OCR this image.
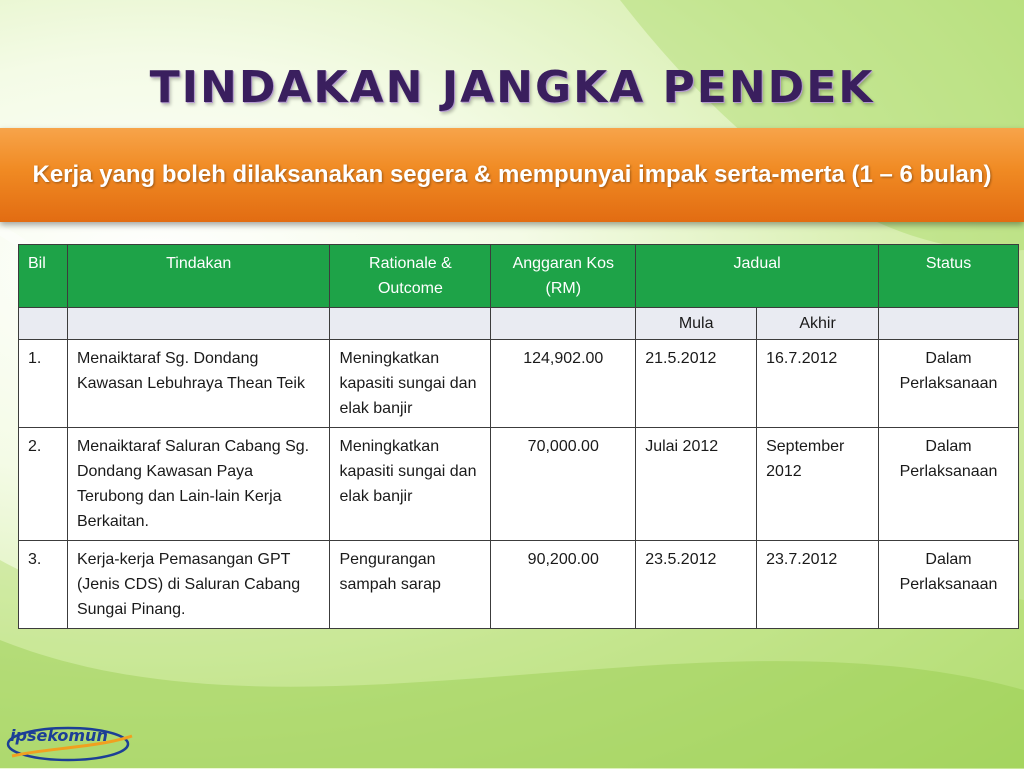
TINDAKAN JANGKA PENDEK
Kerja yang boleh dilaksanakan segera & mempunyai impak serta-merta (1 – 6 bulan)
Bil	Tindakan	Rationale & Outcome	Anggaran Kos (RM)	Jadual		Status
				Mula	Akhir	
1.	Menaiktaraf Sg. Dondang Kawasan Lebuhraya Thean Teik	Meningkatkan kapasiti sungai dan elak banjir	124,902.00	21.5.2012	16.7.2012	Dalam Perlaksanaan
2.	Menaiktaraf Saluran Cabang Sg. Dondang Kawasan Paya Terubong dan Lain-lain Kerja Berkaitan.	Meningkatkan kapasiti sungai dan elak banjir	70,000.00	Julai 2012	September 2012	Dalam Perlaksanaan
3.	Kerja-kerja Pemasangan GPT (Jenis CDS) di Saluran Cabang Sungai Pinang.	Pengurangan sampah sarap	90,200.00	23.5.2012	23.7.2012	Dalam Perlaksanaan
ipsekomun
